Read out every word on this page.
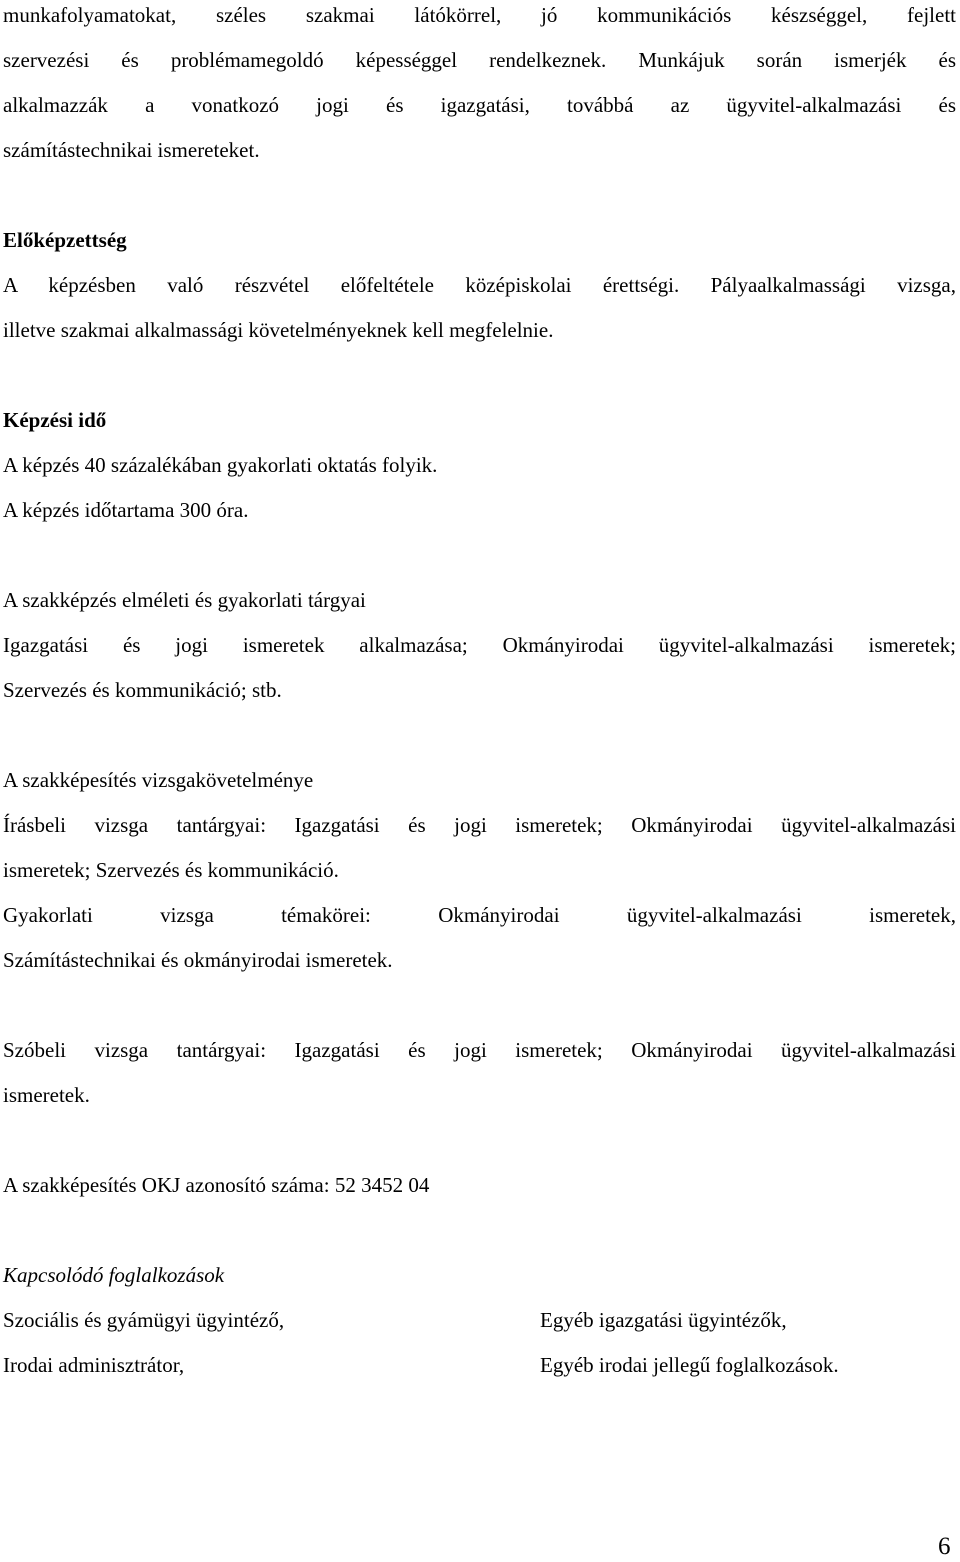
munkafolyamatokat, széles szakmai látókörrel, jó kommunikációs készséggel, fejlett
szervezési és problémamegoldó képességgel rendelkeznek. Munkájuk során ismerjék és
alkalmazzák a vonatkozó jogi és igazgatási, továbbá az ügyvitel-alkalmazási és
számítástechnikai ismereteket.
Előképzettség
A képzésben való részvétel előfeltétele középiskolai érettségi. Pályaalkalmassági vizsga,
illetve szakmai alkalmassági követelményeknek kell megfelelnie.
Képzési idő
A képzés 40 százalékában gyakorlati oktatás folyik.
A képzés időtartama 300 óra.
A szakképzés elméleti és gyakorlati tárgyai
Igazgatási és jogi ismeretek alkalmazása; Okmányirodai ügyvitel-alkalmazási ismeretek;
Szervezés és kommunikáció; stb.
A szakképesítés vizsgakövetelménye
Írásbeli vizsga tantárgyai: Igazgatási és jogi ismeretek; Okmányirodai ügyvitel-alkalmazási
ismeretek; Szervezés és kommunikáció.
Gyakorlati vizsga témakörei: Okmányirodai ügyvitel-alkalmazási ismeretek,
Számítástechnikai és okmányirodai ismeretek.
Szóbeli vizsga tantárgyai: Igazgatási és jogi ismeretek; Okmányirodai ügyvitel-alkalmazási
ismeretek.
A szakképesítés OKJ azonosító száma: 52 3452 04
Kapcsolódó foglalkozások
Szociális és gyámügyi ügyintéző,
Irodai adminisztrátor,
Egyéb igazgatási ügyintézők,
Egyéb irodai jellegű foglalkozások.
6
